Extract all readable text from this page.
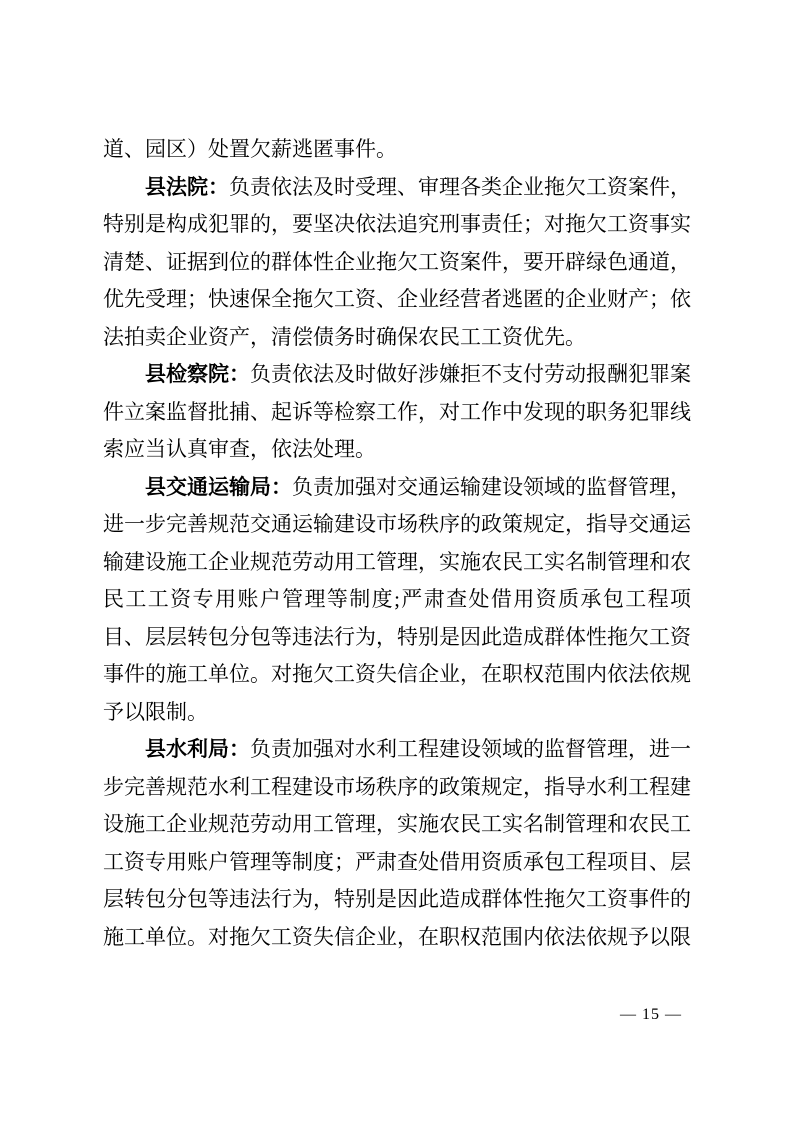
道、园区）处置欠薪逃匿事件。

县法院：负责依法及时受理、审理各类企业拖欠工资案件，特别是构成犯罪的，要坚决依法追究刑事责任；对拖欠工资事实清楚、证据到位的群体性企业拖欠工资案件，要开辟绿色通道，优先受理；快速保全拖欠工资、企业经营者逃匿的企业财产；依法拍卖企业资产，清偿债务时确保农民工工资优先。

县检察院：负责依法及时做好涉嫌拒不支付劳动报酬犯罪案件立案监督批捕、起诉等检察工作，对工作中发现的职务犯罪线索应当认真审查，依法处理。

县交通运输局：负责加强对交通运输建设领域的监督管理，进一步完善规范交通运输建设市场秩序的政策规定，指导交通运输建设施工企业规范劳动用工管理，实施农民工实名制管理和农民工工资专用账户管理等制度;严肃查处借用资质承包工程项目、层层转包分包等违法行为，特别是因此造成群体性拖欠工资事件的施工单位。对拖欠工资失信企业，在职权范围内依法依规予以限制。

县水利局：负责加强对水利工程建设领域的监督管理，进一步完善规范水利工程建设市场秩序的政策规定，指导水利工程建设施工企业规范劳动用工管理，实施农民工实名制管理和农民工工资专用账户管理等制度；严肃查处借用资质承包工程项目、层层转包分包等违法行为，特别是因此造成群体性拖欠工资事件的施工单位。对拖欠工资失信企业，在职权范围内依法依规予以限

— 15 —
